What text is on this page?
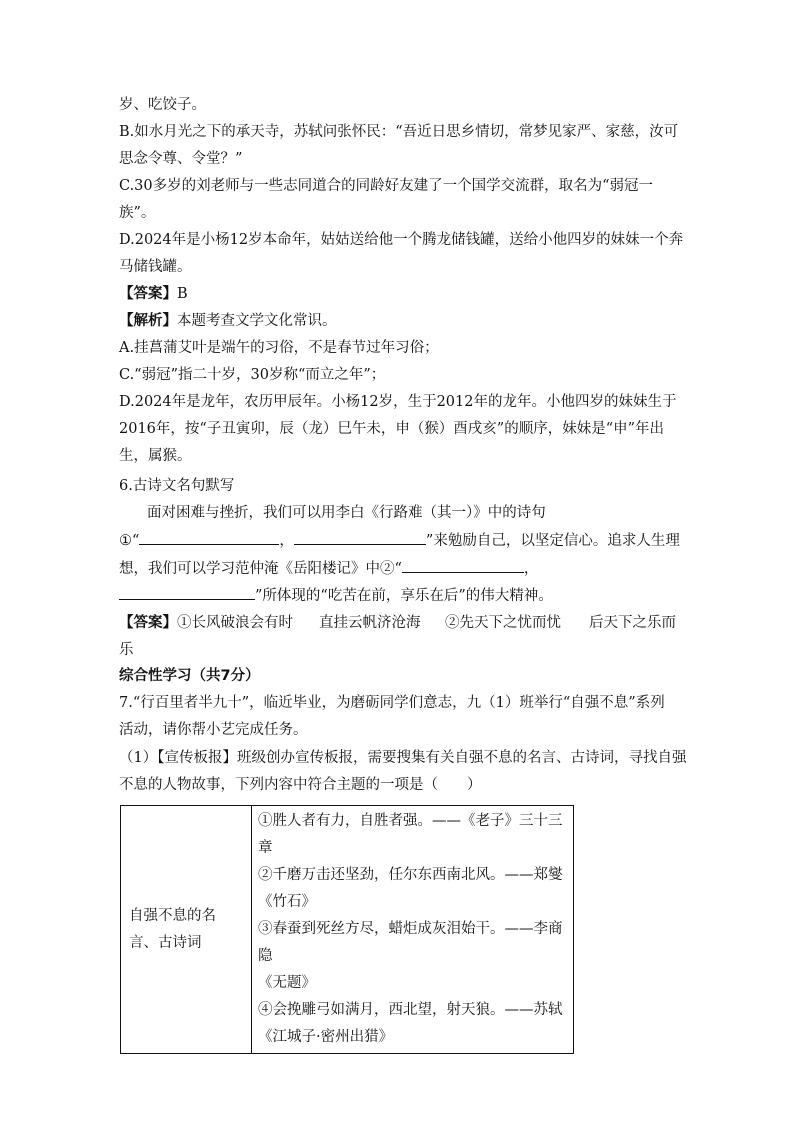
岁、吃饺子。
B.如水月光之下的承天寺，苏轼问张怀民：“吾近日思乡情切，常梦见家严、家慈，汝可
思念令尊、令堂？”
C.30多岁的刘老师与一些志同道合的同龄好友建了一个国学交流群，取名为“弱冠一
族”。
D.2024年是小杨12岁本命年，姑姑送给他一个腾龙储钱罐，送给小他四岁的妹妹一个奔
马储钱罐。
【答案】B
【解析】本题考查文学文化常识。
A.挂菖蒲艾叶是端午的习俗，不是春节过年习俗；
C.“弱冠”指二十岁，30岁称“而立之年”；
D.2024年是龙年，农历甲辰年。小杨12岁，生于2012年的龙年。小他四岁的妹妹生于
2016年，按“子丑寅卯，辰（龙）巳午未，申（猴）酉戌亥”的顺序，妹妹是“申”年出
生，属猴。
6.古诗文名句默写
面对困难与挫折，我们可以用李白《行路难（其一）》中的诗句
①“	，	”来勉励自己，以坚定信心。追求人生理
想，我们可以学习范仲淹《岳阳楼记》中②“	，
”所体现的“吃苦在前，享乐在后”的伟大精神。
【答案】①长风破浪会有时 直挂云帆济沧海 ②先天下之忧而忧 后天下之乐而
乐
综合性学习（共7分）
7.“行百里者半九十”，临近毕业，为磨砺同学们意志，九（1）班举行“自强不息”系列
活动，请你帮小艺完成任务。
（1）【宣传板报】班级创办宣传板报，需要搜集有关自强不息的名言、古诗词，寻找自强
不息的人物故事，下列内容中符合主题的一项是（　　）
自强不息的名
言、古诗词

①胜人者有力，自胜者强。——《老子》三十三章
②千磨万击还坚劲，任尔东西南北风。——郑燮
《竹石》
③春蚕到死丝方尽，蜡炬成灰泪始干。——李商隐
《无题》
④会挽雕弓如满月，西北望，射天狼。——苏轼
《江城子·密州出猎》
